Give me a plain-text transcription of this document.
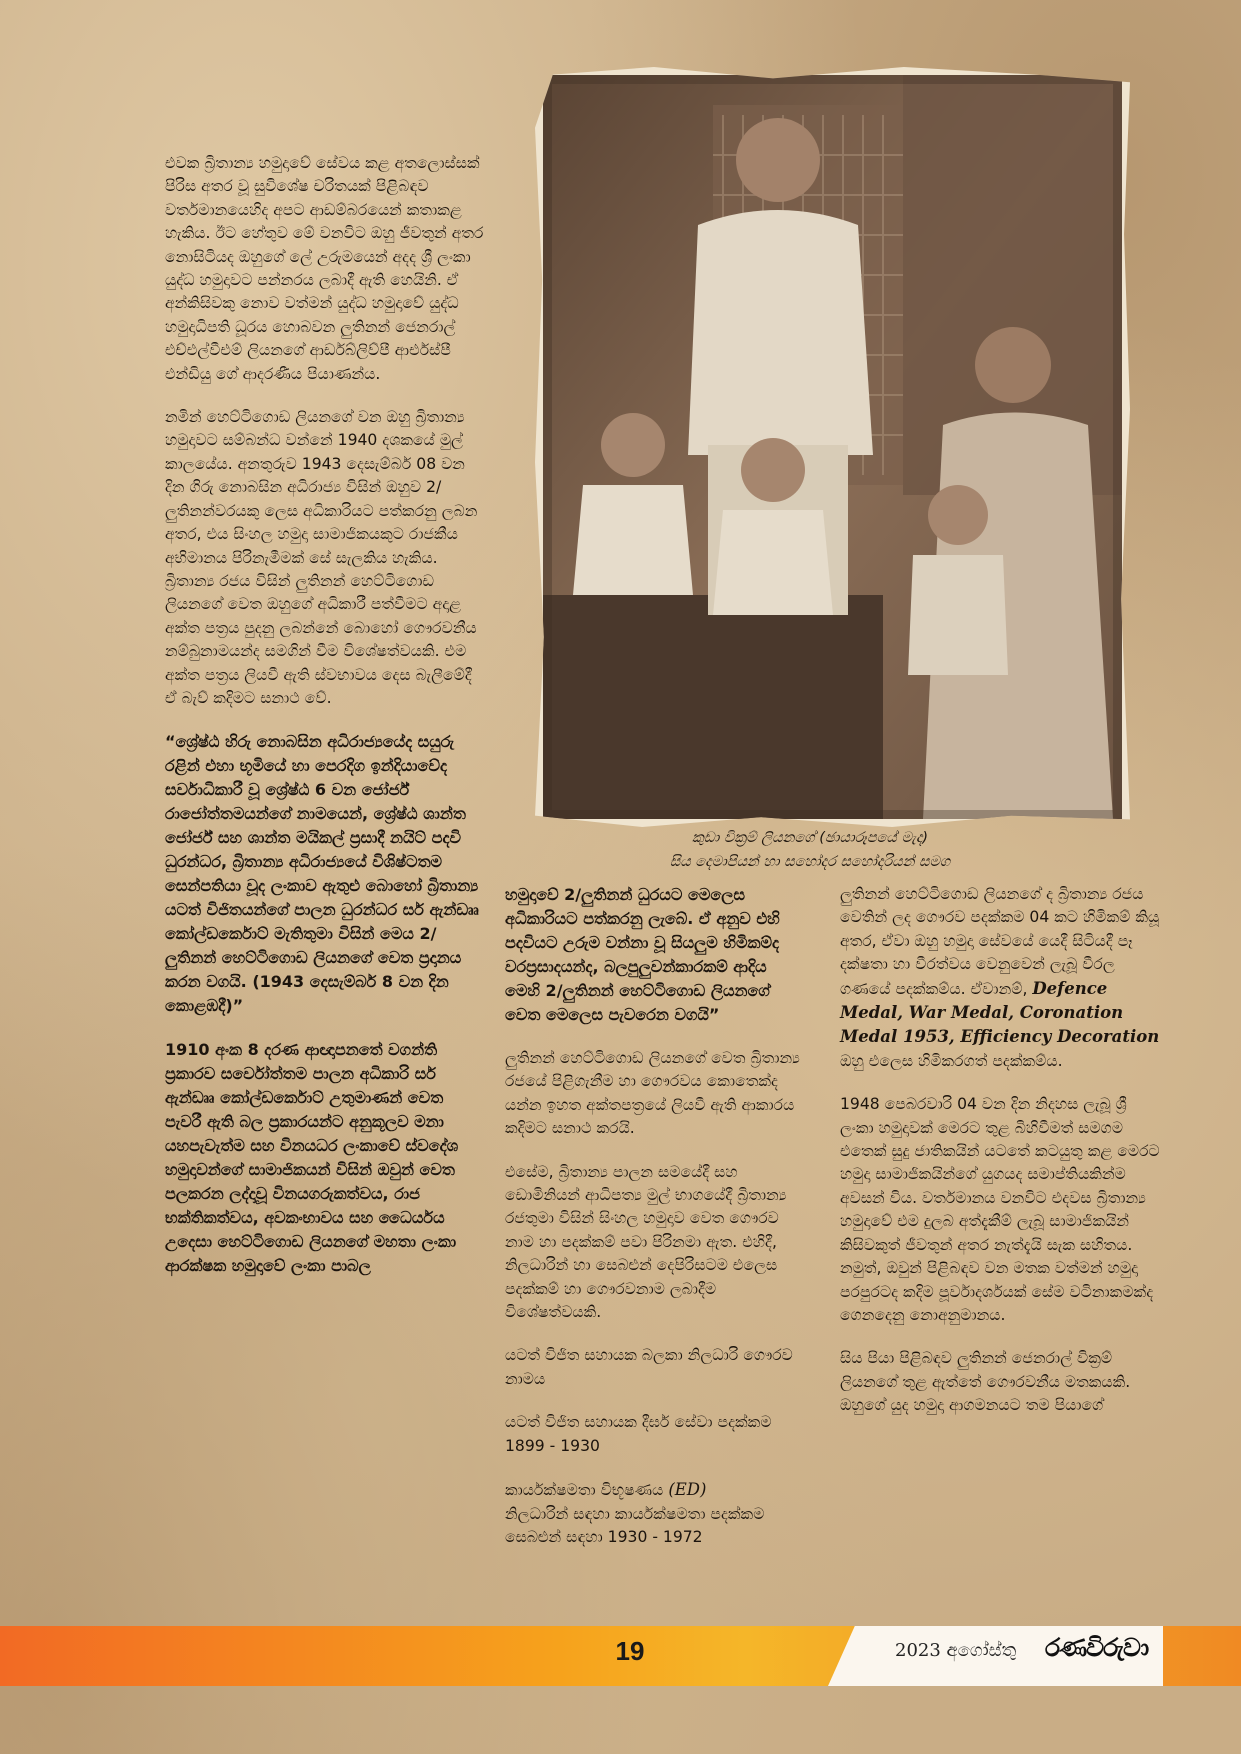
එවක බ්‍රිතාන්‍ය හමුදාවේ සේවය කළ අතලොස්සක් පිරිස අතර වූ සුවිශේෂ චරිතයක් පිළිබඳව වර්තමානයෙහිද අපට ආඩම්බරයෙන් කතාකළ හැකිය. ඊට හේතුව මේ වනවිට ඔහු ජීවතුන් අතර නොසිටියද ඔහුගේ ලේ උරුමයෙන් අදද ශ්‍රී ලංකා යුද්ධ හමුදාවට පන්නරය ලබාදී ඇති හෙයිනි. ඒ අන්කිසිවකු නොව වත්මන් යුද්ධ හමුදාවේ යුද්ධ හමුදාධිපති ධූරය හොබවන ලුතිනන් ජෙනරාල් එච්එල්වීඑම් ලියනගේ ආර්ඩබ්ලිව්පී ආර්එස්පී එන්ඩියු ගේ ආදරණීය පියාණන්ය.

නමින් හෙට්ටිගොඩ ලියනගේ වන ඔහු බ්‍රිතාන්‍ය හමුදාවට සම්බන්ධ වන්නේ 1940 දශකයේ මුල් කාලයේය. අනතුරුව 1943 දෙසැම්බර් 08 වන දින ගිරු නොබසින අධිරාජ්‍ය විසින් ඔහුව 2/ලුතිනන්වරයකු ලෙස අධිකාරියට පත්කරනු ලබන අතර, එය සිංහල හමුදා සාමාජිකයකුට රාජකීය අභිමානය පිරිනැමීමක් සේ සැලකිය හැකිය. බ්‍රිතාන්‍ය රජය විසින් ලුතිනන් හෙට්ටිගොඩ ලියනගේ වෙත ඔහුගේ අධිකාරී පත්වීමට අදාළ අක්ත පත්‍රය පුදනු ලබන්නේ බොහෝ ගෞරවනීය නම්බුනාමයන්ද සමගින් වීම විශේෂත්වයකි. එම අක්ත පත්‍රය ලියවී ඇති ස්වභාවය දෙස බැලීමේදී ඒ බැව් කදිමට සනාථ වේ.

“ශ්‍රේෂ්ඨ හිරු නොබසින අධිරාජ්‍යයේද සයුරු රළින් එහා භූමියේ හා පෙරදිග ඉන්දියාවේද සර්වාධිකාරී වූ ශ්‍රේෂ්ඨ 6 වන ජෝර්ජ් රාජෝත්තමයන්ගේ නාමයෙන්, ශ්‍රේෂ්ඨ ශාන්ත ජෝර්ජ් සහ ශාන්ත මයිකල් ප්‍රසාදී නයිට් පදවි ධුරන්ධර, බ්‍රිතාන්‍ය අධිරාජ්‍යයේ විශිෂ්ටතම සෙන්පතියා වූද ලංකාව ඇතුළු බොහෝ බ්‍රිතාන්‍ය යටත් විජිතයන්ගේ පාලන ධුරන්ධර සර් ඇන්ඩෲ කෝල්ඩර්කොට් මැතිතුමා විසින් මෙය 2/ලුතිනන් හෙට්ටිගොඩ ලියනගේ වෙත ප්‍රදානය කරන වගයි. (1943 දෙසැම්බර් 8 වන දින කොළඹදී)”

1910 අංක 8 දරණ ආඥාපනතේ වගන්ති ප්‍රකාරව සර්වෝත්තම පාලන අධිකාරි සර් ඇන්ඩෲ කෝල්ඩර්කොට් උතුමාණන් වෙත පැවරී ඇති බල ප්‍රකාරයන්ට අනුකූලව මනා යහපැවැත්ම සහ විනයධර ලංකාවේ ස්වදේශ හමුදාවන්ගේ සාමාජිකයන් විසින් ඔවුන් වෙත පලකරන ලද්දාවූ විනයගරුකත්වය, රාජ භක්තිකත්වය, අවකංභාවය සහ ධෛර්යය උදෙසා හෙට්ටිගොඩ ලියනගේ මහතා ලංකා ආරක්ෂක හමුදාවේ ලංකා පාබල

කුඩා වික්‍රම් ලියනගේ (ඡායාරූපයේ මැද)
සිය දෙමාපියන් හා සහෝදර සහෝදරියන් සමග

හමුදාවේ 2/ලුතිනන් ධුරයට මෙලෙස අධිකාරියට පත්කරනු ලැබේ. ඒ අනුව එහි පදවියට උරුම වන්නා වූ සියලුම හිමිකම්ද වරප්‍රසාදයන්ද, බලපුලුවන්කාරකම් ආදිය මෙහි 2/ලුතිනන් හෙට්ටිගොඩ ලියනගේ වෙත මෙලෙස පැවරෙන වගයි”

ලුතිනන් හෙට්ටිගොඩ ලියනගේ වෙත බ්‍රිතාන්‍ය රජයේ පිළිගැනීම හා ගෞරවය කොතෙක්ද යන්න ඉහත අක්තපත්‍රයේ ලියවී ඇති ආකාරය කදිමට සනාථ කරයි.

එසේම, බ්‍රිතාන්‍ය පාලන සමයේදී සහ ඩොමිනියන් ආධිපත්‍ය මුල් භාගයේදී බ්‍රිතාන්‍ය රජතුමා විසින් සිංහල හමුදාව වෙත ගෞරව නාම හා පදක්කම් පවා පිරිනමා ඇත. එහිදී, නිලධාරින් හා සෙබළුන් දෙපිරිසටම එලෙස පදක්කම් හා ගෞරවනාම ලබාදීම විශේෂත්වයකි.

යටත් විජිත සහායක බලකා නිලධාරි ගෞරව නාමය

යටත් විජිත සහායක දීර්ඝ සේවා පදක්කම 1899 - 1930

කාර්යක්ෂමතා විභූෂණය (ED)
නිලධාරින් සඳහා කාර්යක්ෂමතා පදක්කම සෙබළුන් සඳහා 1930 - 1972

ලුතිනන් හෙට්ටිගොඩ ලියනගේ ද බ්‍රිතාන්‍ය රජය වෙතින් ලද ගෞරව පදක්කම 04 කට හිමිකම් කියූ අතර, ඒවා ඔහු හමුදා සේවයේ යෙදී සිටියදී පෑ දක්ෂතා හා වීරත්වය වෙනුවෙන් ලැබූ වීරල ගණයේ පදක්කම්ය. ඒවානම්, Defence Medal, War Medal, Coronation Medal 1953, Efficiency Decoration ඔහු එලෙස හිමිකරගත් පදක්කම්ය.

1948 පෙබරවාරි 04 වන දින නිදහස ලැබූ ශ්‍රී ලංකා හමුදාවක් මෙරට තුළ බිහිවීමත් සමගම එතෙක් සුදු ජාතිකයින් යටතේ කටයුතු කළ මෙරට හමුදා සාමාජිකයින්ගේ යුගයද සමාප්තියකින්ම අවසන් විය. වර්තමානය වනවිට එදවස බ්‍රිතාන්‍ය හමුදාවේ එම දුලබ අත්දැකීම් ලැබූ සාමාජිකයින් කිසිවකුත් ජීවතුන් අතර නැත්දැයි සැක සහිතය. නමුත්, ඔවුන් පිළිබඳව වන මතක වත්මන් හමුදා පරපුරටද කදිම පූර්වාදර්ශයක් සේම වටිනාකමක්ද ගෙනදෙනු නොඅනුමානය.

සිය පියා පිළිබඳව ලුතිනන් ජෙනරාල් වික්‍රම් ලියනගේ තුළ ඇත්තේ ගෞරවනීය මතකයකි. ඔහුගේ යුද හමුදා ආගමනයට තම පියාගේ

19	2023 අගෝස්තු රණවිරුවා
